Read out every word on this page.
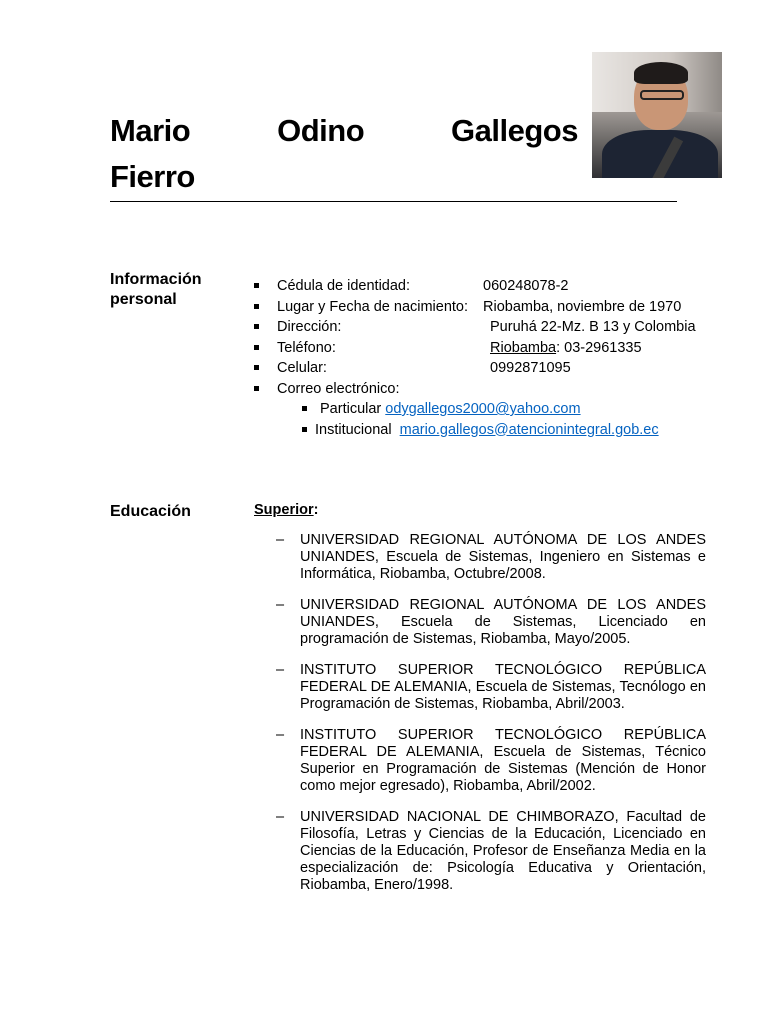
Mario	Odino	Gallegos
Fierro
Información personal
Cédula de identidad:	060248078-2
Lugar y Fecha de nacimiento:	Riobamba, noviembre de 1970
Dirección:	Puruhá 22-Mz. B 13 y Colombia
Teléfono:	Riobamba: 03-2961335
Celular:	0992871095
Correo electrónico:
Particular odygallegos2000@yahoo.com
Institucional mario.gallegos@atencionintegral.gob.ec
Educación	Superior:
– UNIVERSIDAD REGIONAL AUTÓNOMA DE LOS ANDES UNIANDES, Escuela de Sistemas, Ingeniero en Sistemas e Informática, Riobamba, Octubre/2008.
– UNIVERSIDAD REGIONAL AUTÓNOMA DE LOS ANDES UNIANDES, Escuela de Sistemas, Licenciado en programación de Sistemas, Riobamba, Mayo/2005.
– INSTITUTO SUPERIOR TECNOLÓGICO REPÚBLICA FEDERAL DE ALEMANIA, Escuela de Sistemas, Tecnólogo en Programación de Sistemas, Riobamba, Abril/2003.
– INSTITUTO SUPERIOR TECNOLÓGICO REPÚBLICA FEDERAL DE ALEMANIA, Escuela de Sistemas, Técnico Superior en Programación de Sistemas (Mención de Honor como mejor egresado), Riobamba, Abril/2002.
– UNIVERSIDAD NACIONAL DE CHIMBORAZO, Facultad de Filosofía, Letras y Ciencias de la Educación, Licenciado en Ciencias de la Educación, Profesor de Enseñanza Media en la especialización de: Psicología Educativa y Orientación, Riobamba, Enero/1998.
